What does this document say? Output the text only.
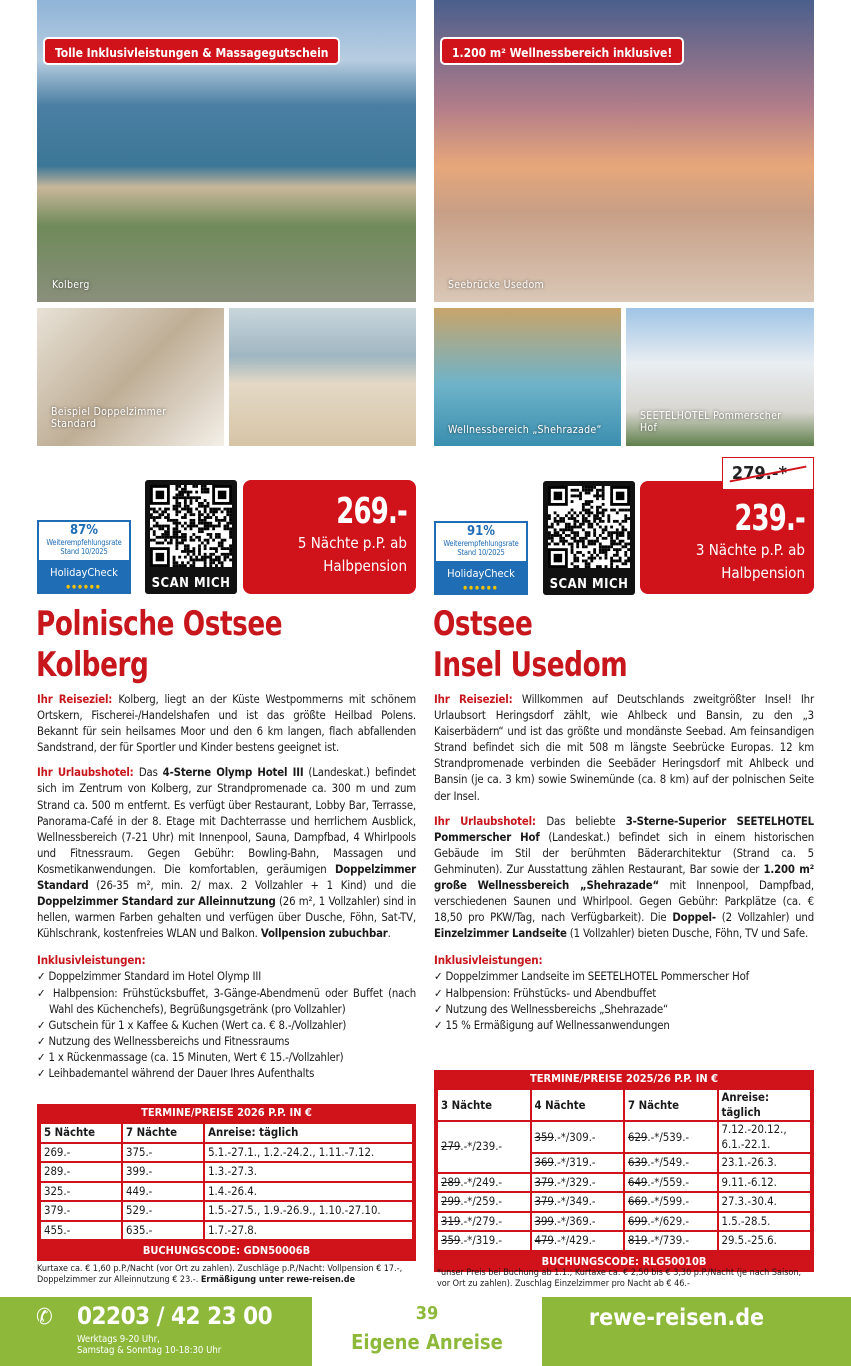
Kolberg
Tolle Inklusivleistungen & Massagegutschein
Beispiel Doppelzimmer Standard
Seebrücke Usedom
1.200 m² Wellnessbereich inklusive!
Wellnessbereich „Shehrazade“
SEETELHOTEL Pommerscher Hof
87%
Weiterempfehlungsrate
Stand 10/2025
HolidayCheck
●●●●●●	SCAN MICH
269.-
5 Nächte p.P. ab
Halbpension
91%
Weiterempfehlungsrate
Stand 10/2025
HolidayCheck
●●●●●●	SCAN MICH
239.-
3 Nächte p.P. ab
Halbpension
279.-*
Polnische Ostsee
Kolberg
Ostsee
Insel Usedom

Ihr Reiseziel: Kolberg, liegt an der Küste Westpommerns mit schönem Ortskern, Fischerei-/Handelshafen und ist das größte Heilbad Polens. Bekannt für sein heilsames Moor und den 6 km langen, flach abfallenden Sandstrand, der für Sportler und Kinder bestens geeignet ist.

Ihr Urlaubshotel: Das 4-Sterne Olymp Hotel III (Landeskat.) befindet sich im Zentrum von Kolberg, zur Strandpromenade ca. 300 m und zum Strand ca. 500 m entfernt. Es verfügt über Restaurant, Lobby Bar, Terrasse, Panorama-Café in der 8. Etage mit Dachterrasse und herrlichem Ausblick, Wellnessbereich (7-21 Uhr) mit Innenpool, Sauna, Dampfbad, 4 Whirlpools und Fitnessraum. Gegen Gebühr: Bowling-Bahn, Massagen und Kosmetikanwendungen. Die komfortablen, geräumigen Doppelzimmer Standard (26-35 m², min. 2/ max. 2 Vollzahler + 1 Kind) und die Doppelzimmer Standard zur Alleinnutzung (26 m², 1 Vollzahler) sind in hellen, warmen Farben gehalten und verfügen über Dusche, Föhn, Sat-TV, Kühlschrank, kostenfreies WLAN und Balkon. Vollpension zubuchbar.

Inklusivleistungen:
✓ Doppelzimmer Standard im Hotel Olymp III
✓ Halbpension: Frühstücksbuffet, 3-Gänge-Abendmenü oder Buffet (nach Wahl des Küchenchefs), Begrüßungsgetränk (pro Vollzahler)
✓ Gutschein für 1 x Kaffee & Kuchen (Wert ca. € 8.-/Vollzahler)
✓ Nutzung des Wellnessbereichs und Fitnessraums
✓ 1 x Rückenmassage (ca. 15 Minuten, Wert € 15.-/Vollzahler)
✓ Leihbademantel während der Dauer Ihres Aufenthalts

Ihr Reiseziel: Willkommen auf Deutschlands zweitgrößter Insel! Ihr Urlaubsort Heringsdorf zählt, wie Ahlbeck und Bansin, zu den „3 Kaiserbädern“ und ist das größte und mondänste Seebad. Am feinsandigen Strand befindet sich die mit 508 m längste Seebrücke Europas. 12 km Strandpromenade verbinden die Seebäder Heringsdorf mit Ahlbeck und Bansin (je ca. 3 km) sowie Swinemünde (ca. 8 km) auf der polnischen Seite der Insel.

Ihr Urlaubshotel: Das beliebte 3-Sterne-Superior SEETELHOTEL Pommerscher Hof (Landeskat.) befindet sich in einem historischen Gebäude im Stil der berühmten Bäderarchitektur (Strand ca. 5 Gehminuten). Zur Ausstattung zählen Restaurant, Bar sowie der 1.200 m² große Wellnessbereich „Shehrazade“ mit Innenpool, Dampfbad, verschiedenen Saunen und Whirlpool. Gegen Gebühr: Parkplätze (ca. € 18,50 pro PKW/Tag, nach Verfügbarkeit). Die Doppel- (2 Vollzahler) und Einzelzimmer Landseite (1 Vollzahler) bieten Dusche, Föhn, TV und Safe.

Inklusivleistungen:
✓ Doppelzimmer Landseite im SEETELHOTEL Pommerscher Hof
✓ Halbpension: Frühstücks- und Abendbuffet
✓ Nutzung des Wellnessbereichs „Shehrazade“
✓ 15 % Ermäßigung auf Wellnessanwendungen
TERMINE/PREISE 2026 P.P. IN €
5 Nächte	7 Nächte	Anreise: täglich
269.-	375.-	5.1.-27.1., 1.2.-24.2., 1.11.-7.12.
289.-	399.-	1.3.-27.3.
325.-	449.-	1.4.-26.4.
379.-	529.-	1.5.-27.5., 1.9.-26.9., 1.10.-27.10.
455.-	635.-	1.7.-27.8.
BUCHUNGSCODE: GDN50006B
Kurtaxe ca. € 1,60 p.P./Nacht (vor Ort zu zahlen). Zuschläge p.P./Nacht: Vollpension € 17.-, Doppelzimmer zur Alleinnutzung € 23.-. Ermäßigung unter rewe-reisen.de
TERMINE/PREISE 2025/26 P.P. IN €
3 Nächte	4 Nächte	7 Nächte	Anreise: täglich
279.-*/239.-	359.-*/309.-	629.-*/539.-	7.12.-20.12., 6.1.-22.1.
	369.-*/319.-	639.-*/549.-	23.1.-26.3.
289.-*/249.-	379.-*/329.-	649.-*/559.-	9.11.-6.12.
299.-*/259.-	379.-*/349.-	669.-*/599.-	27.3.-30.4.
319.-*/279.-	399.-*/369.-	699.-*/629.-	1.5.-28.5.
359.-*/319.-	479.-*/429.-	819.-*/739.-	29.5.-25.6.
BUCHUNGSCODE: RLG50010B
*unser Preis bei Buchung ab 1.1.; Kurtaxe ca. € 2,50 bis € 3,30 p.P./Nacht (je nach Saison, vor Ort zu zahlen). Zuschlag Einzelzimmer pro Nacht ab € 46.-
✆ 02203 / 42 23 00
Werktags 9-20 Uhr,
Samstag & Sonntag 10-18:30 Uhr
39
Eigene Anreise
rewe-reisen.de
